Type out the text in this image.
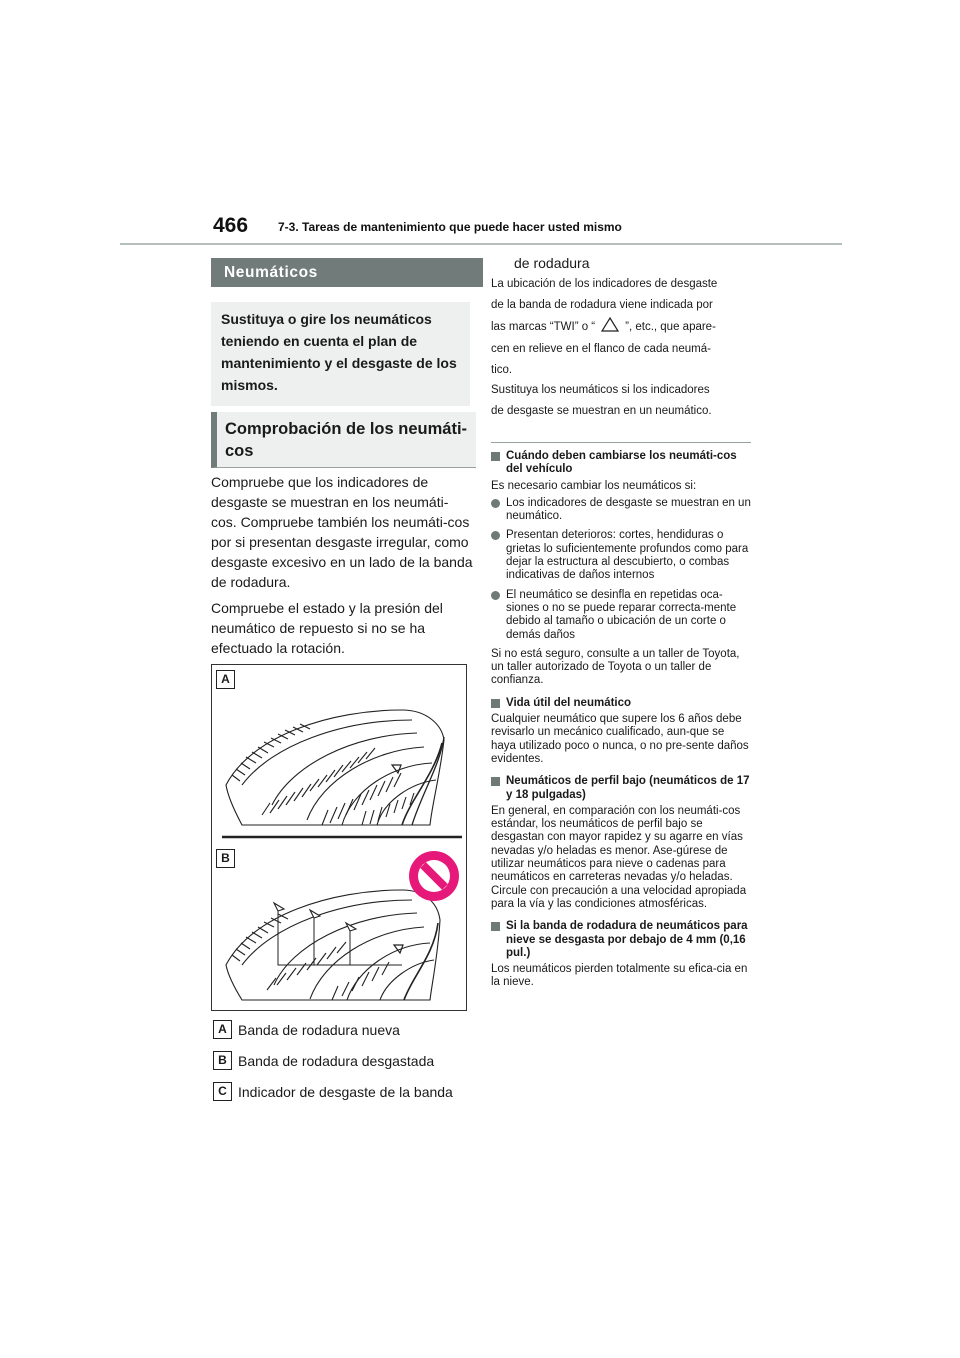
466 7-3. Tareas de mantenimiento que puede hacer usted mismo
Neumáticos
Sustituya o gire los neumáticos teniendo en cuenta el plan de mantenimiento y el desgaste de los mismos.
Comprobación de los neumáti-cos

Compruebe que los indicadores de desgaste se muestran en los neumáti-cos. Compruebe también los neumáti-cos por si presentan desgaste irregular, como desgaste excesivo en un lado de la banda de rodadura.

Compruebe el estado y la presión del neumático de repuesto si no se ha efectuado la rotación.

A
B
A Banda de rodadura nueva
B Banda de rodadura desgastada
C Indicador de desgaste de la banda
de rodadura

La ubicación de los indicadores de desgaste

de la banda de rodadura viene indicada por

las marcas “TWI” o “	”, etc., que apare-

cen en relieve en el flanco de cada neumá-

tico.

Sustituya los neumáticos si los indicadores

de desgaste se muestran en un neumático.

Cuándo deben cambiarse los neumáti-cos del vehículo

Es necesario cambiar los neumáticos si:

Los indicadores de desgaste se muestran en un neumático.
Presentan deterioros: cortes, hendiduras o grietas lo suficientemente profundos como para dejar la estructura al descubierto, o combas indicativas de daños internos
El neumático se desinfla en repetidas oca-siones o no se puede reparar correcta-mente debido al tamaño o ubicación de un corte o demás daños

Si no está seguro, consulte a un taller de Toyota, un taller autorizado de Toyota o un taller de confianza.

Vida útil del neumático

Cualquier neumático que supere los 6 años debe revisarlo un mecánico cualificado, aun-que se haya utilizado poco o nunca, o no pre-sente daños evidentes.

Neumáticos de perfil bajo (neumáticos de 17 y 18 pulgadas)

En general, en comparación con los neumáti-cos estándar, los neumáticos de perfil bajo se desgastan con mayor rapidez y su agarre en vías nevadas y/o heladas es menor. Ase-gúrese de utilizar neumáticos para nieve o cadenas para neumáticos en carreteras nevadas y/o heladas. Circule con precaución a una velocidad apropiada para la vía y las condiciones atmosféricas.

Si la banda de rodadura de neumáticos para nieve se desgasta por debajo de 4 mm (0,16 pul.)

Los neumáticos pierden totalmente su efica-cia en la nieve.
